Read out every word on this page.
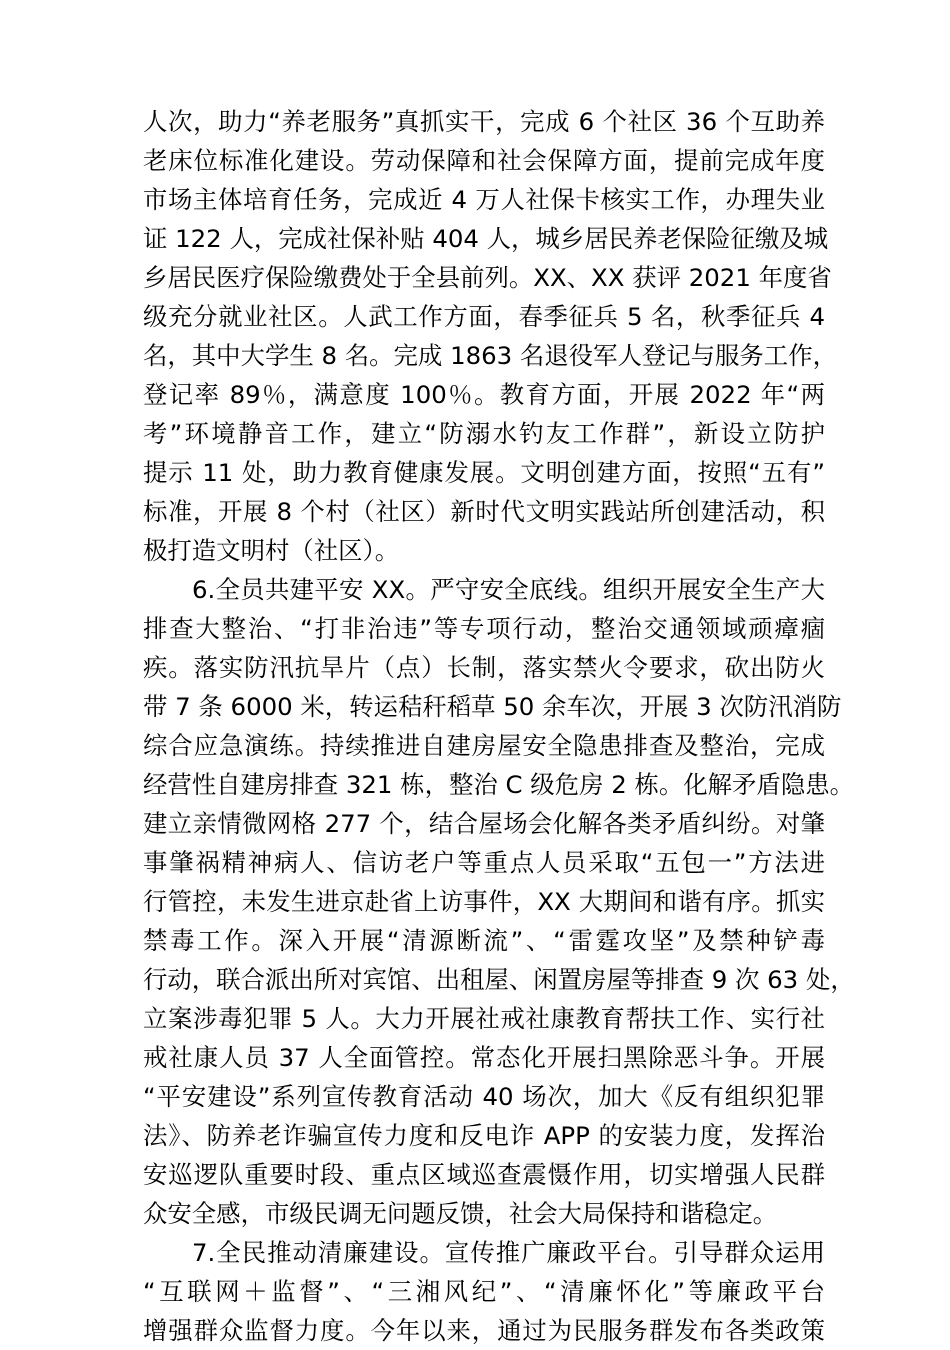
人次，助力“养老服务”真抓实干，完成 6 个社区 36 个互助养
老床位标准化建设。劳动保障和社会保障方面，提前完成年度
市场主体培育任务，完成近 4 万人社保卡核实工作，办理失业
证 122 人，完成社保补贴 404 人，城乡居民养老保险征缴及城
乡居民医疗保险缴费处于全县前列。XX、XX 获评 2021 年度省
级充分就业社区。人武工作方面，春季征兵 5 名，秋季征兵 4
名，其中大学生 8 名。完成 1863 名退役军人登记与服务工作，
登记率 89％，满意度 100％。教育方面，开展 2022 年“两
考”环境静音工作，建立“防溺水钓友工作群”，新设立防护
提示 11 处，助力教育健康发展。文明创建方面，按照“五有”
标准，开展 8 个村（社区）新时代文明实践站所创建活动，积
极打造文明村（社区）。
6.全员共建平安 XX。严守安全底线。组织开展安全生产大
排查大整治、“打非治违”等专项行动，整治交通领域顽瘴痼
疾。落实防汛抗旱片（点）长制，落实禁火令要求，砍出防火
带 7 条 6000 米，转运秸秆稻草 50 余车次，开展 3 次防汛消防
综合应急演练。持续推进自建房屋安全隐患排查及整治，完成
经营性自建房排查 321 栋，整治 C 级危房 2 栋。化解矛盾隐患。
建立亲情微网格 277 个，结合屋场会化解各类矛盾纠纷。对肇
事肇祸精神病人、信访老户等重点人员采取“五包一”方法进
行管控，未发生进京赴省上访事件，XX 大期间和谐有序。抓实
禁毒工作。深入开展“清源断流”、“雷霆攻坚”及禁种铲毒
行动，联合派出所对宾馆、出租屋、闲置房屋等排查 9 次 63 处，
立案涉毒犯罪 5 人。大力开展社戒社康教育帮扶工作、实行社
戒社康人员 37 人全面管控。常态化开展扫黑除恶斗争。开展
“平安建设”系列宣传教育活动 40 场次，加大《反有组织犯罪
法》、防养老诈骗宣传力度和反电诈 APP 的安装力度，发挥治
安巡逻队重要时段、重点区域巡查震慑作用，切实增强人民群
众安全感，市级民调无问题反馈，社会大局保持和谐稳定。
7.全民推动清廉建设。宣传推广廉政平台。引导群众运用
“互联网＋监督”、“三湘风纪”、“清廉怀化”等廉政平台
增强群众监督力度。今年以来，通过为民服务群发布各类政策
